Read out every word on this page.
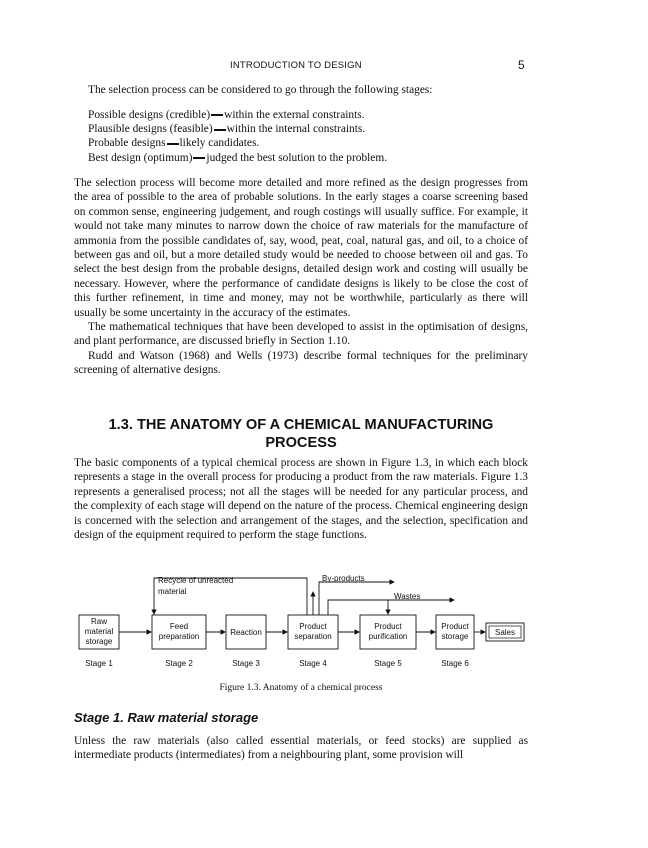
INTRODUCTION TO DESIGN	5
The selection process can be considered to go through the following stages:
Possible designs (credible) within the external constraints.
Plausible designs (feasible) within the internal constraints.
Probable designs likely candidates.
Best design (optimum) judged the best solution to the problem.

The selection process will become more detailed and more refined as the design progresses from the area of possible to the area of probable solutions. In the early stages a coarse screening based on common sense, engineering judgement, and rough costings will usually suffice. For example, it would not take many minutes to narrow down the choice of raw materials for the manufacture of ammonia from the possible candidates of, say, wood, peat, coal, natural gas, and oil, to a choice of between gas and oil, but a more detailed study would be needed to choose between oil and gas. To select the best design from the probable designs, detailed design work and costing will usually be necessary. However, where the performance of candidate designs is likely to be close the cost of this further refinement, in time and money, may not be worthwhile, particularly as there will usually be some uncertainty in the accuracy of the estimates.

The mathematical techniques that have been developed to assist in the optimisation of designs, and plant performance, are discussed briefly in Section 1.10.

Rudd and Watson (1968) and Wells (1973) describe formal techniques for the preliminary screening of alternative designs.

1.3. THE ANATOMY OF A CHEMICAL MANUFACTURING
PROCESS

The basic components of a typical chemical process are shown in Figure 1.3, in which each block represents a stage in the overall process for producing a product from the raw materials. Figure 1.3 represents a generalised process; not all the stages will be needed for any particular process, and the complexity of each stage will depend on the nature of the process. Chemical engineering design is concerned with the selection and arrangement of the stages, and the selection, specification and design of the equipment required to perform the stage functions.

Raw
material
storage
Feed
preparation	Reaction
Product
separation
Product
purification
Product
storage	Sales
Recycle of unreacted
material
By-products
Wastes
Stage 1	Stage 2	Stage 3	Stage 4	Stage 5	Stage 6
Figure 1.3. Anatomy of a chemical process
Stage 1. Raw material storage

Unless the raw materials (also called essential materials, or feed stocks) are supplied as intermediate products (intermediates) from a neighbouring plant, some provision will
